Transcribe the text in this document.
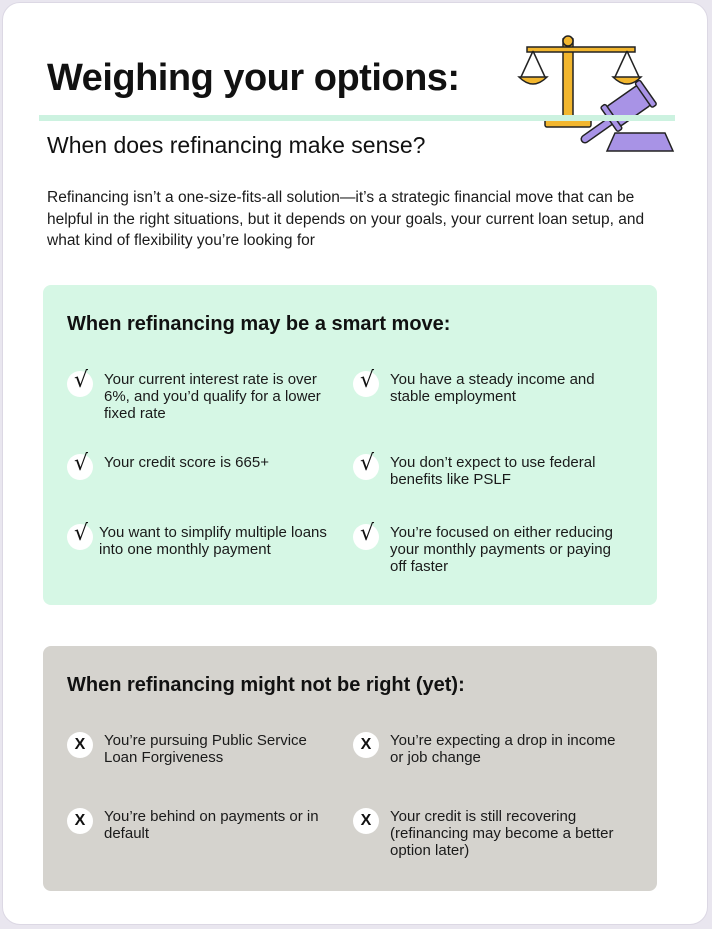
Weighing your options:
When does refinancing make sense?

Refinancing isn’t a one-size-fits-all solution—it’s a strategic financial move that can be helpful in the right situations, but it depends on your goals, your current loan setup, and what kind of flexibility you’re looking for

When refinancing may be a smart move:
√ Your current interest rate is over 6%, and you’d qualify for a lower fixed rate
√ You have a steady income and stable employment
√ Your credit score is 665+	√ You don’t expect to use federal benefits like PSLF
√ You want to simplify multiple loans into one monthly payment
√ You’re focused on either reducing your monthly payments or paying off faster
When refinancing might not be right (yet):
X You’re pursuing Public Service Loan Forgiveness
X You’re expecting a drop in income or job change
X You’re behind on payments or in default
X Your credit is still recovering (refinancing may become a better option later)
